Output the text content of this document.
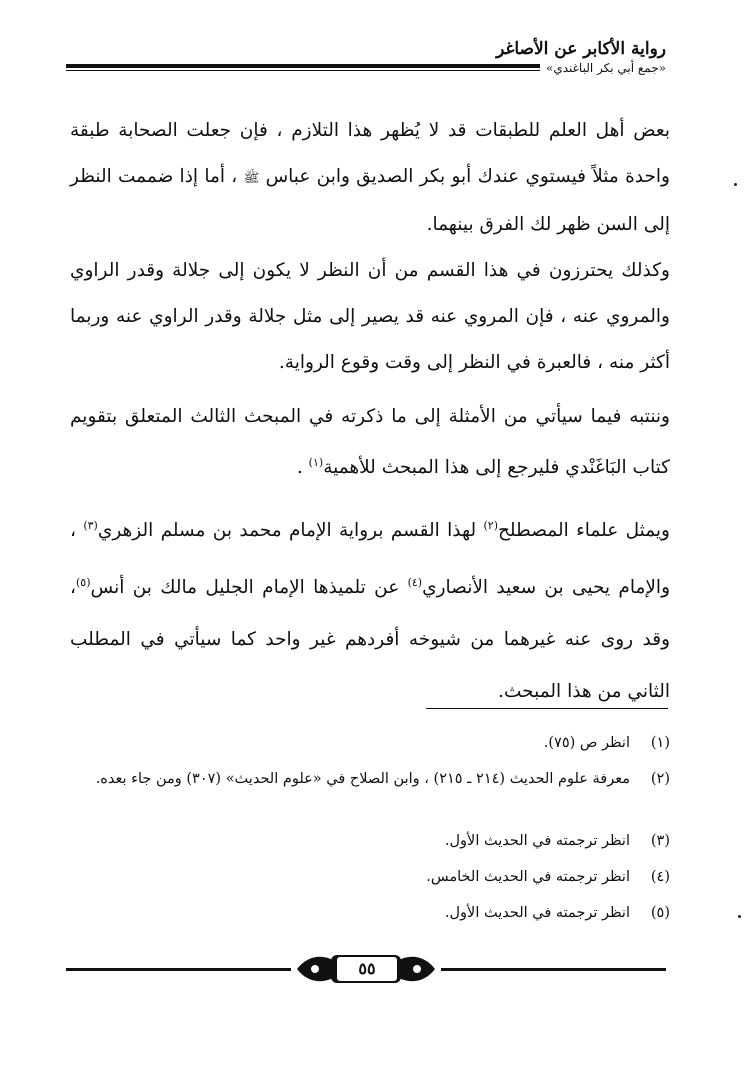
رواية الأكابر عن الأصاغر
«جمع أبي بكر الباغندي»

بعض أهل العلم للطبقات قد لا يُظهر هذا التلازم ، فإن جعلت الصحابة طبقة واحدة مثلاً فيستوي عندك أبو بكر الصديق وابن عباس ﷺ ، أما إذا ضممت النظر إلى السن ظهر لك الفرق بينهما.

وكذلك يحترزون في هذا القسم من أن النظر لا يكون إلى جلالة وقدر الراوي والمروي عنه ، فإن المروي عنه قد يصير إلى مثل جلالة وقدر الراوي عنه وربما أكثر منه ، فالعبرة في النظر إلى وقت وقوع الرواية.

وننتبه فيما سيأتي من الأمثلة إلى ما ذكرته في المبحث الثالث المتعلق بتقويم كتاب البَاغَنْدي فليرجع إلى هذا المبحث للأهمية$^{(١)}$ .

ويمثل علماء المصطلح$^{(٢)}$ لهذا القسم برواية الإمام محمد بن مسلم الزهري$^{(٣)}$ ، والإمام يحيى بن سعيد الأنصاري$^{(٤)}$ عن تلميذها الإمام الجليل مالك بن أنس$^{(٥)}$، وقد روى عنه غيرهما من شيوخه أفردهم غير واحد كما سيأتي في المطلب الثاني من هذا المبحث.

(١)
انظر ص (٧٥).
(٢)
معرفة علوم الحديث (٢١٤ ـ ٢١٥) ، وابن الصلاح في «علوم الحديث» (٣٠٧) ومن جاء بعده.
(٣)
انظر ترجمته في الحديث الأول.
(٤)
انظر ترجمته في الحديث الخامس.
(٥)
انظر ترجمته في الحديث الأول.
٥٥
